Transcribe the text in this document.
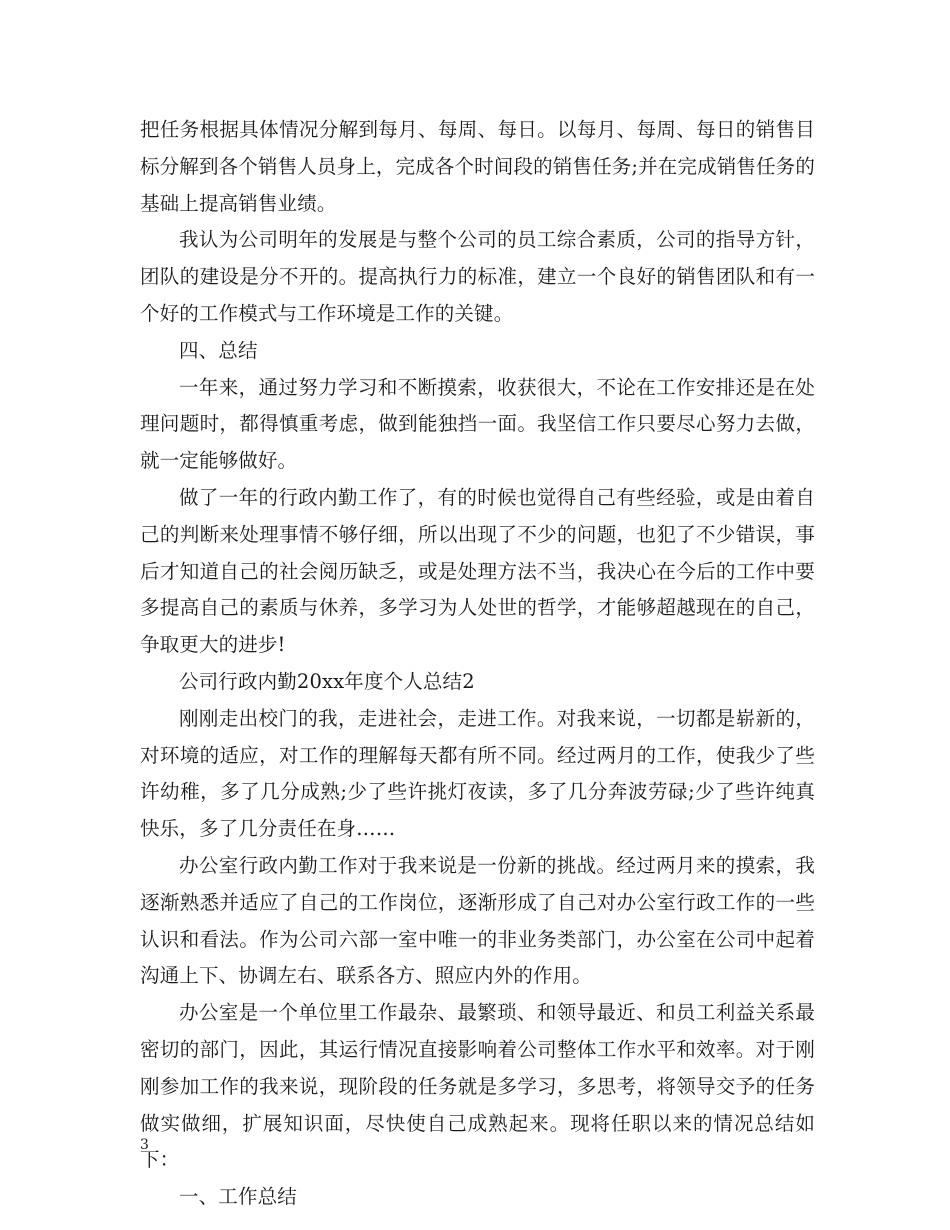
把任务根据具体情况分解到每月、每周、每日。以每月、每周、每日的销售目标分解到各个销售人员身上，完成各个时间段的销售任务;并在完成销售任务的基础上提高销售业绩。

我认为公司明年的发展是与整个公司的员工综合素质，公司的指导方针，团队的建设是分不开的。提高执行力的标准，建立一个良好的销售团队和有一个好的工作模式与工作环境是工作的关键。

四、总结

一年来，通过努力学习和不断摸索，收获很大，不论在工作安排还是在处理问题时，都得慎重考虑，做到能独挡一面。我坚信工作只要尽心努力去做，就一定能够做好。

做了一年的行政内勤工作了，有的时候也觉得自己有些经验，或是由着自己的判断来处理事情不够仔细，所以出现了不少的问题，也犯了不少错误，事后才知道自己的社会阅历缺乏，或是处理方法不当，我决心在今后的工作中要多提高自己的素质与休养，多学习为人处世的哲学，才能够超越现在的自己，争取更大的进步!

公司行政内勤20xx年度个人总结2

刚刚走出校门的我，走进社会，走进工作。对我来说，一切都是崭新的，对环境的适应，对工作的理解每天都有所不同。经过两月的工作，使我少了些许幼稚，多了几分成熟;少了些许挑灯夜读，多了几分奔波劳碌;少了些许纯真快乐，多了几分责任在身……

办公室行政内勤工作对于我来说是一份新的挑战。经过两月来的摸索，我逐渐熟悉并适应了自己的工作岗位，逐渐形成了自己对办公室行政工作的一些认识和看法。作为公司六部一室中唯一的非业务类部门，办公室在公司中起着沟通上下、协调左右、联系各方、照应内外的作用。

办公室是一个单位里工作最杂、最繁琐、和领导最近、和员工利益关系最密切的部门，因此，其运行情况直接影响着公司整体工作水平和效率。对于刚刚参加工作的我来说，现阶段的任务就是多学习，多思考，将领导交予的任务做实做细，扩展知识面，尽快使自己成熟起来。现将任职以来的情况总结如下：

一、工作总结

3
